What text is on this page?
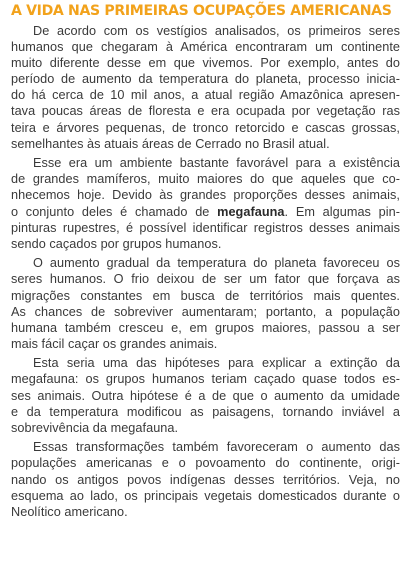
A VIDA NAS PRIMEIRAS OCUPAÇÕES AMERICANAS

De acordo com os vestígios analisados, os primeiros seres
humanos que chegaram à América encontraram um continente
muito diferente desse em que vivemos. Por exemplo, antes do
período de aumento da temperatura do planeta, processo inicia-
do há cerca de 10 mil anos, a atual região Amazônica apresen-
tava poucas áreas de floresta e era ocupada por vegetação ras
teira e árvores pequenas, de tronco retorcido e cascas grossas,
semelhantes às atuais áreas de Cerrado no Brasil atual.

Esse era um ambiente bastante favorável para a existência
de grandes mamíferos, muito maiores do que aqueles que co-
nhecemos hoje. Devido às grandes proporções desses animais,
o conjunto deles é chamado de megafauna. Em algumas pin-
pinturas rupestres, é possível identificar registros desses animais
sendo caçados por grupos humanos.

O aumento gradual da temperatura do planeta favoreceu os
seres humanos. O frio deixou de ser um fator que forçava as
migrações constantes em busca de territórios mais quentes.
As chances de sobreviver aumentaram; portanto, a população
humana também cresceu e, em grupos maiores, passou a ser
mais fácil caçar os grandes animais.

Esta seria uma das hipóteses para explicar a extinção da
megafauna: os grupos humanos teriam caçado quase todos es-
ses animais. Outra hipótese é a de que o aumento da umidade
e da temperatura modificou as paisagens, tornando inviável a
sobrevivência da megafauna.

Essas transformações também favoreceram o aumento das
populações americanas e o povoamento do continente, origi-
nando os antigos povos indígenas desses territórios. Veja, no
esquema ao lado, os principais vegetais domesticados durante o
Neolítico americano.
